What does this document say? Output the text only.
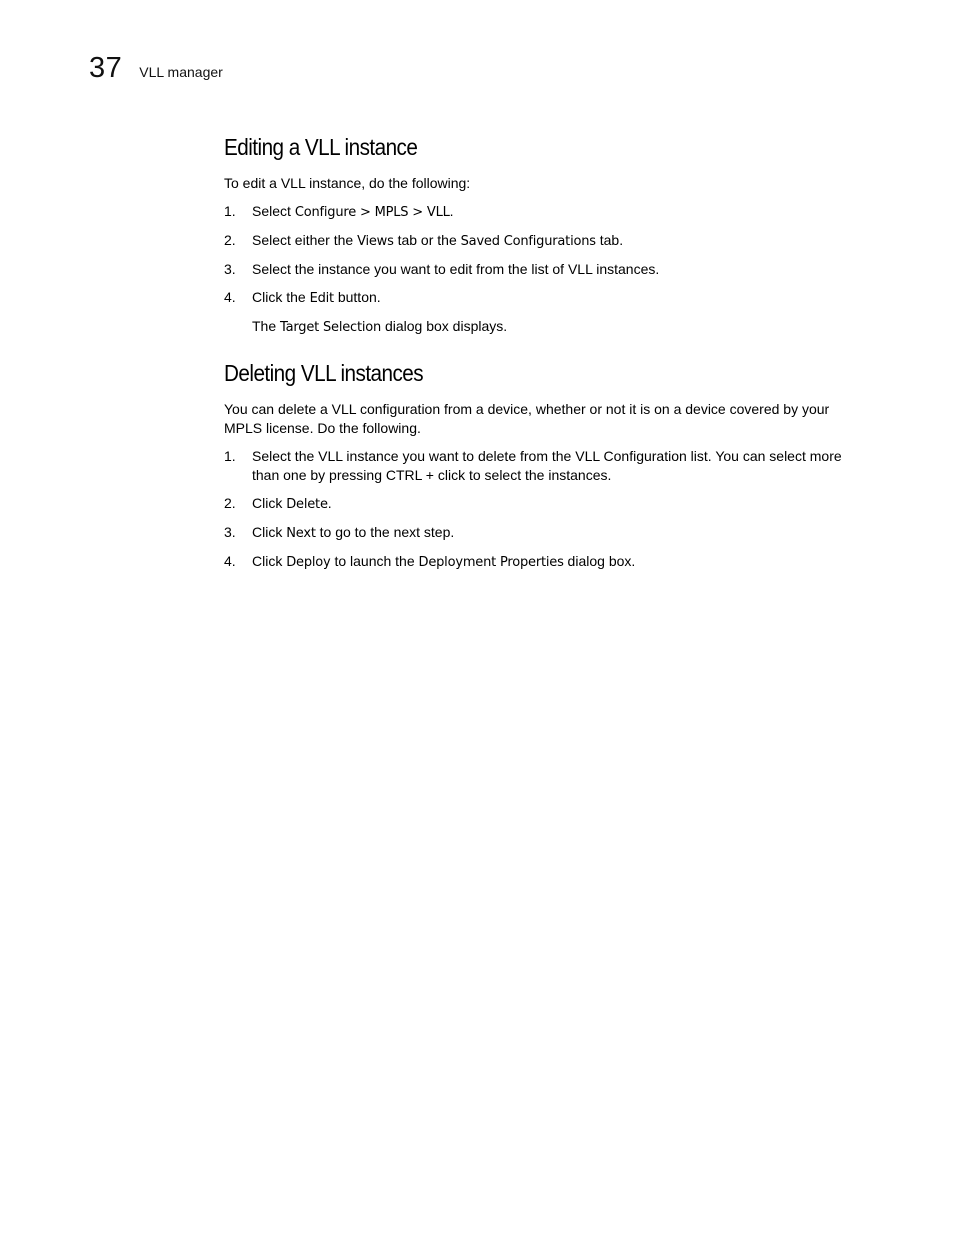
37 VLL manager
Editing a VLL instance

To edit a VLL instance, do the following:

1. Select Configure > MPLS > VLL.
2. Select either the Views tab or the Saved Configurations tab.
3. Select the instance you want to edit from the list of VLL instances.
4. Click the Edit button.

The Target Selection dialog box displays.

Deleting VLL instances

You can delete a VLL configuration from a device, whether or not it is on a device covered by your
MPLS license. Do the following.

1. Select the VLL instance you want to delete from the VLL Configuration list. You can select more
than one by pressing CTRL + click to select the instances.
2. Click Delete.
3. Click Next to go to the next step.
4. Click Deploy to launch the Deployment Properties dialog box.
